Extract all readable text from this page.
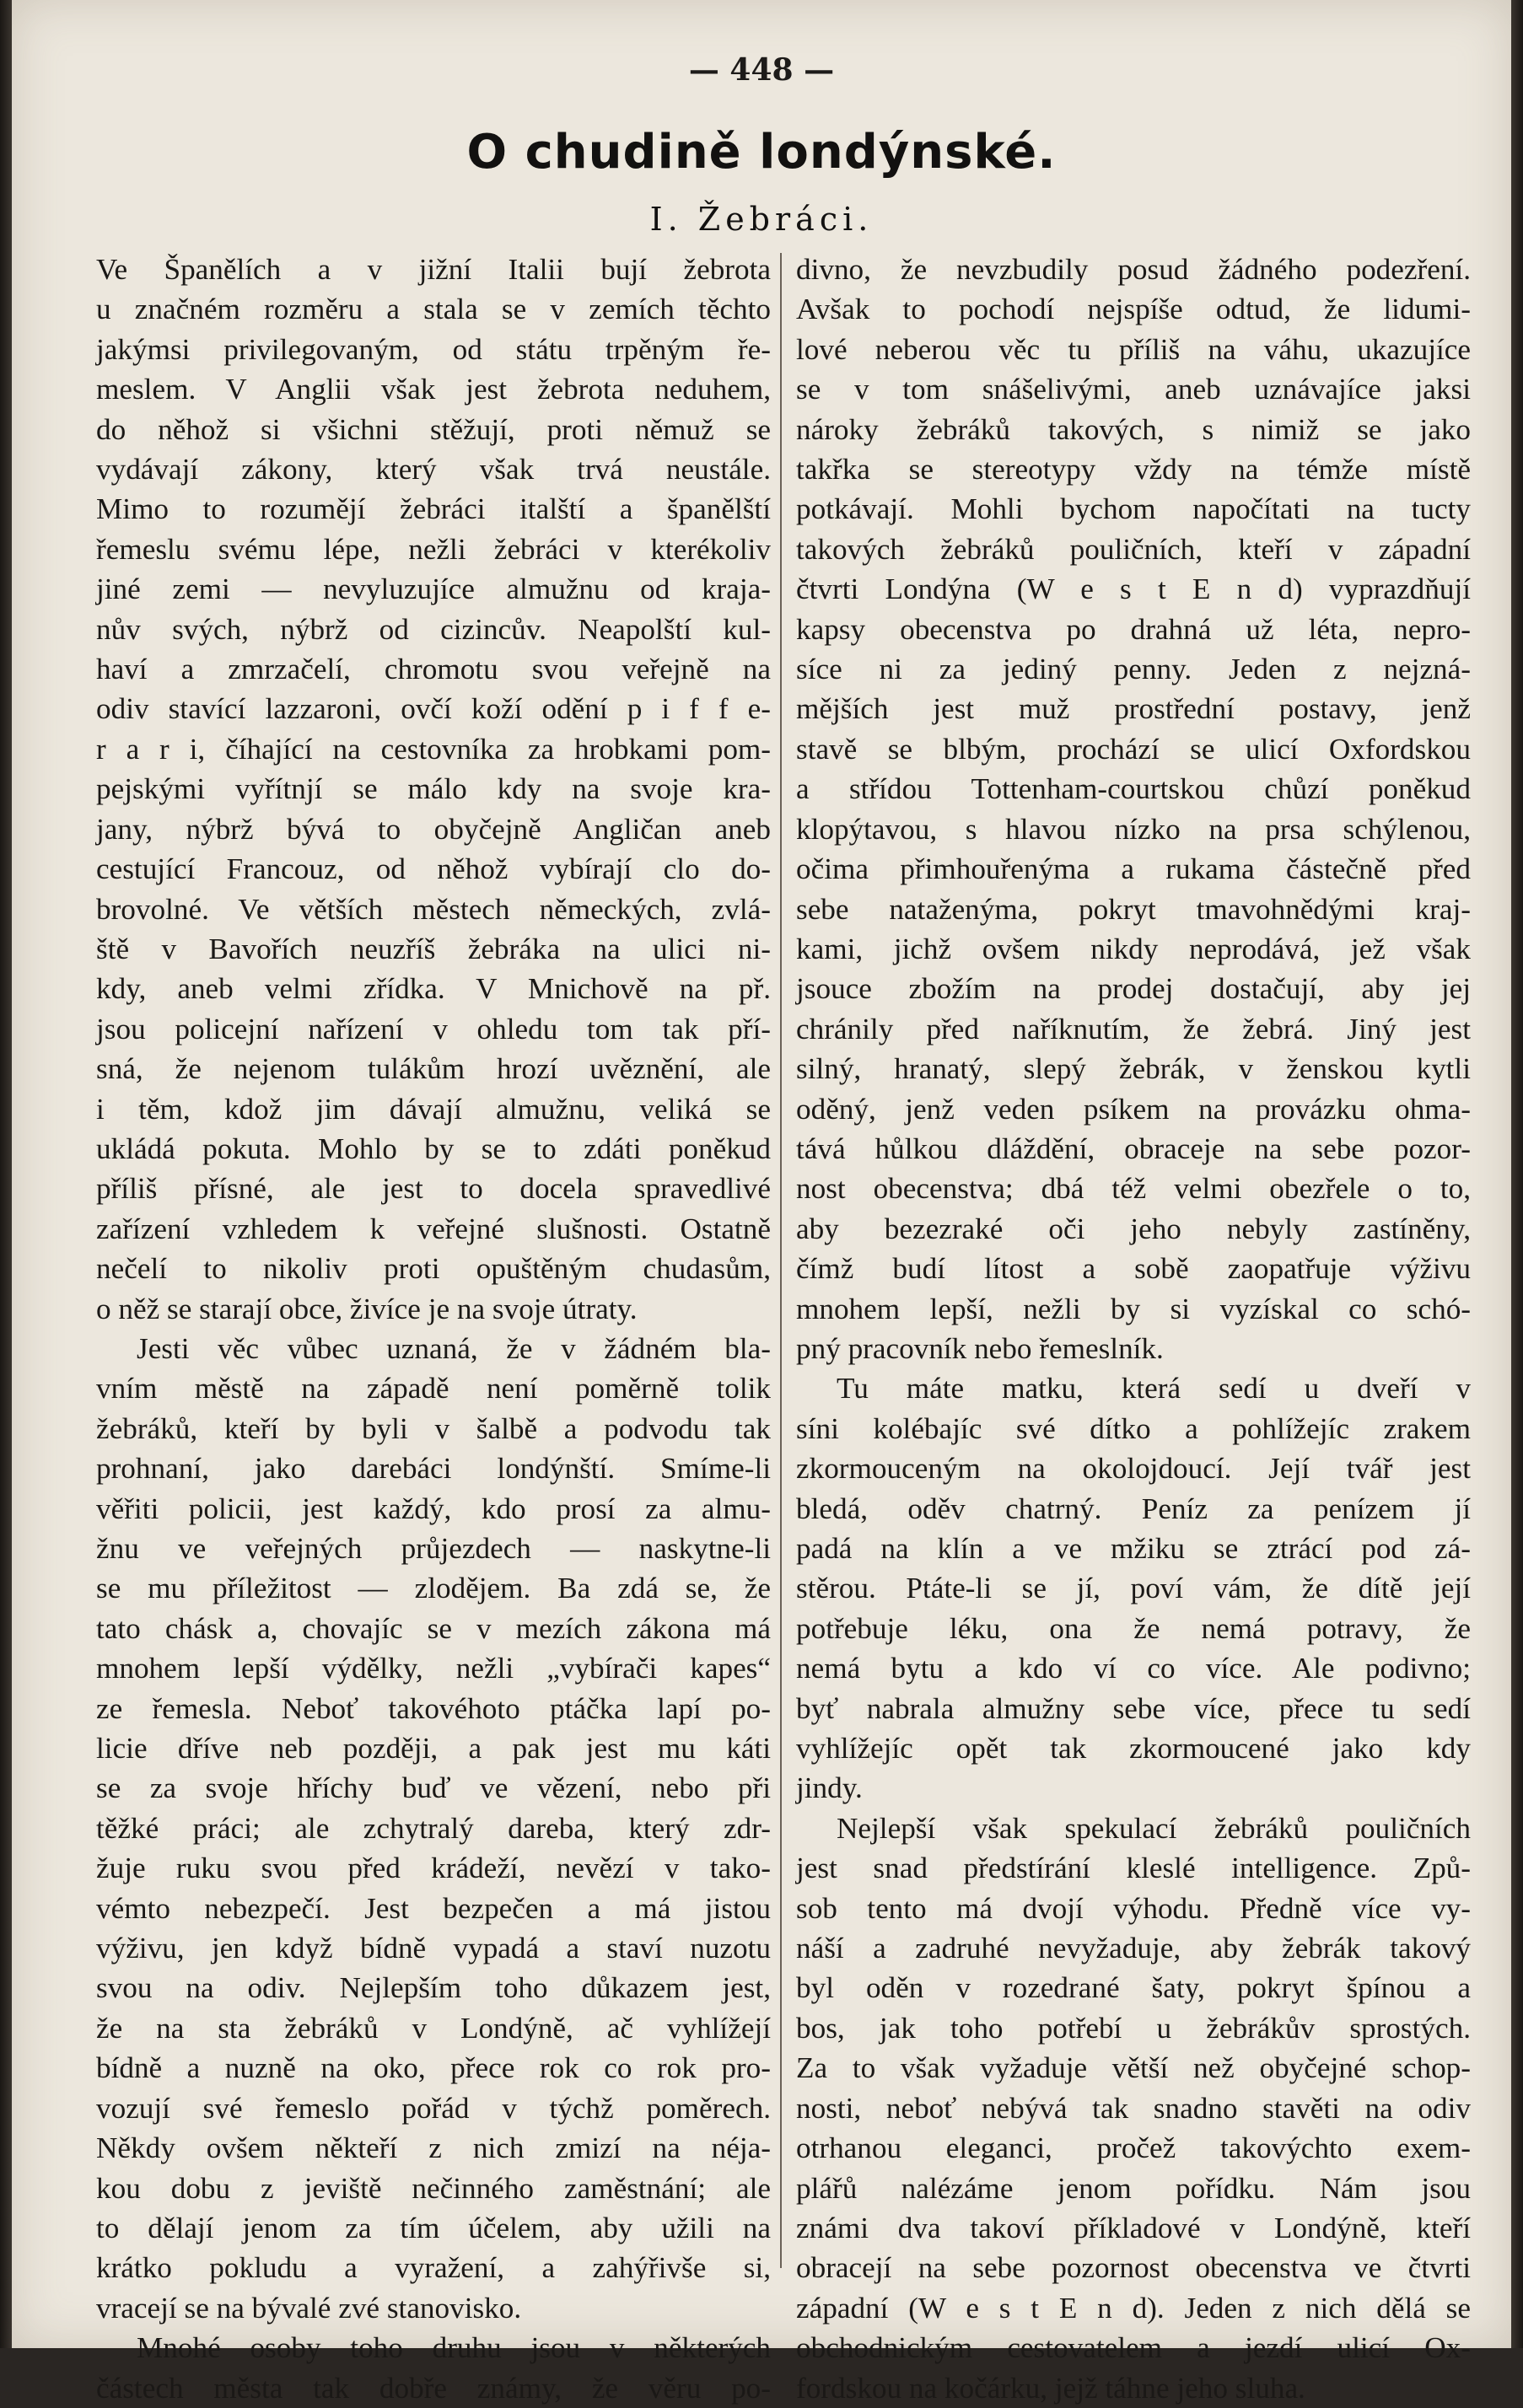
— 448 —
O chudině londýnské.
I. Žebráci.
Ve Španělích a v jižní Italii bují žebrota
u značném rozměru a stala se v zemích těchto
jakýmsi privilegovaným, od státu trpěným ře-
meslem. V Anglii však jest žebrota neduhem,
do něhož si všichni stěžují, proti němuž se
vydávají zákony, který však trvá neustále.
Mimo to rozumějí žebráci italští a španělští
řemeslu svému lépe, nežli žebráci v kterékoliv
jiné zemi — nevyluzujíce almužnu od kraja-
nův svých, nýbrž od cizincův. Neapolští kul-
haví a zmrzačelí, chromotu svou veřejně na
odiv stavící lazzaroni, ovčí koží odění p i f f e-
r a r i, číhající na cestovníka za hrobkami pom-
pejskými vyřítnjí se málo kdy na svoje kra-
jany, nýbrž bývá to obyčejně Angličan aneb
cestující Francouz, od něhož vybírají clo do-
brovolné. Ve větších městech německých, zvlá-
ště v Bavořích neuzříš žebráka na ulici ni-
kdy, aneb velmi zřídka. V Mnichově na př.
jsou policejní nařízení v ohledu tom tak pří-
sná, že nejenom tulákům hrozí uvěznění, ale
i těm, kdož jim dávají almužnu, veliká se
ukládá pokuta. Mohlo by se to zdáti poněkud
příliš přísné, ale jest to docela spravedlivé
zařízení vzhledem k veřejné slušnosti. Ostatně
nečelí to nikoliv proti opuštěným chudasům,
o něž se starají obce, živíce je na svoje útraty.
Jesti věc vůbec uznaná, že v žádném bla-
vním městě na západě není poměrně tolik
žebráků, kteří by byli v šalbě a podvodu tak
prohnaní, jako darebáci londýnští. Smíme-li
věřiti policii, jest každý, kdo prosí za almu-
žnu ve veřejných průjezdech — naskytne-li
se mu příležitost — zlodějem. Ba zdá se, že
tato chásk a, chovajíc se v mezích zákona má
mnohem lepší výdělky, nežli „vybírači kapes“
ze řemesla. Neboť takovéhoto ptáčka lapí po-
licie dříve neb později, a pak jest mu káti
se za svoje hříchy buď ve vězení, nebo při
těžké práci; ale zchytralý dareba, který zdr-
žuje ruku svou před krádeží, nevězí v tako-
vémto nebezpečí. Jest bezpečen a má jistou
výživu, jen když bídně vypadá a staví nuzotu
svou na odiv. Nejlepším toho důkazem jest,
že na sta žebráků v Londýně, ač vyhlížejí
bídně a nuzně na oko, přece rok co rok pro-
vozují své řemeslo pořád v týchž poměrech.
Někdy ovšem někteří z nich zmizí na néja-
kou dobu z jeviště nečinného zaměstnání; ale
to dělají jenom za tím účelem, aby užili na
krátko pokludu a vyražení, a zahýřivše si,
vracejí se na bývalé zvé stanovisko.
Mnohé osoby toho druhu jsou v některých
částech města tak dobře známy, že věru po-
divno, že nevzbudily posud žádného podezření.
Avšak to pochodí nejspíše odtud, že lidumi-
lové neberou věc tu příliš na váhu, ukazujíce
se v tom snášelivými, aneb uznávajíce jaksi
nároky žebráků takových, s nimiž se jako
takřka se stereotypy vždy na témže místě
potkávají. Mohli bychom napočítati na tucty
takových žebráků pouličních, kteří v západní
čtvrti Londýna (W e s t E n d) vyprazdňují
kapsy obecenstva po drahná už léta, nepro-
síce ni za jediný penny. Jeden z nejzná-
mějších jest muž prostřední postavy, jenž
stavě se blbým, prochází se ulicí Oxfordskou
a střídou Tottenham-courtskou chůzí poněkud
klopýtavou, s hlavou nízko na prsa schýlenou,
očima přimhouřenýma a rukama částečně před
sebe nataženýma, pokryt tmavohnědými kraj-
kami, jichž ovšem nikdy neprodává, jež však
jsouce zbožím na prodej dostačují, aby jej
chránily před naříknutím, že žebrá. Jiný jest
silný, hranatý, slepý žebrák, v ženskou kytli
oděný, jenž veden psíkem na provázku ohma-
tává hůlkou dláždění, obraceje na sebe pozor-
nost obecenstva; dbá též velmi obezřele o to,
aby bezezraké oči jeho nebyly zastíněny,
čímž budí lítost a sobě zaopatřuje výživu
mnohem lepší, nežli by si vyzískal co schó-
pný pracovník nebo řemeslník.
Tu máte matku, která sedí u dveří v
síni kolébajíc své dítko a pohlížejíc zrakem
zkormouceným na okolojdoucí. Její tvář jest
bledá, oděv chatrný. Peníz za penízem jí
padá na klín a ve mžiku se ztrácí pod zá-
stěrou. Ptáte-li se jí, poví vám, že dítě její
potřebuje léku, ona že nemá potravy, že
nemá bytu a kdo ví co více. Ale podivno;
byť nabrala almužny sebe více, přece tu sedí
vyhlížejíc opět tak zkormoucené jako kdy
jindy.
Nejlepší však spekulací žebráků pouličních
jest snad předstírání kleslé intelligence. Způ-
sob tento má dvojí výhodu. Předně více vy-
náší a zadruhé nevyžaduje, aby žebrák takový
byl oděn v rozedrané šaty, pokryt špínou a
bos, jak toho potřebí u žebrákův sprostých.
Za to však vyžaduje větší než obyčejné schop-
nosti, neboť nebývá tak snadno stavěti na odiv
otrhanou eleganci, pročež takovýchto exem-
plářů nalézáme jenom pořídku. Nám jsou
známi dva takoví příkladové v Londýně, kteří
obracejí na sebe pozornost obecenstva ve čtvrti
západní (W e s t E n d). Jeden z nich dělá se
obchodnickým cestovatelem a jezdí ulicí Ox-
fordskou na kočárku, jejž táhne jeho sluha.
